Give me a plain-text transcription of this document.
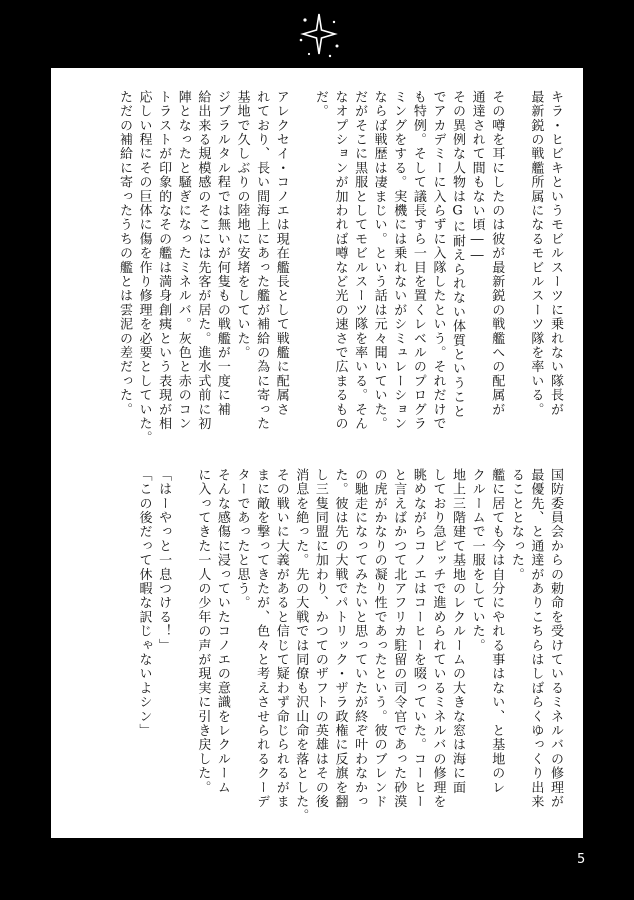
キラ・ヒビキというモビルスーツに乗れない隊長が
最新鋭の戦艦所属になるモビルスーツ隊を率いる。

その噂を耳にしたのは彼が最新鋭の戦艦への配属が
通達されて間もない頃――
その異例な人物はGに耐えられない体質ということ
でアカデミーに入らずに入隊したという。それだけで
も特例。そして議長すら一目を置くレベルのプログラ
ミングをする。実機には乗れないがシミュレーション
ならば戦歴は凄まじい。という話は元々聞いていた。
だがそこに黒服としてモビルスーツ隊を率いる。そん
なオプションが加われば噂など光の速さで広まるもの
だ。

アレクセイ・コノエは現在艦長として戦艦に配属さ
れており、長い間海上にあった艦が補給の為に寄った
基地で久しぶりの陸地に安堵をしていた。
ジブラルタル程では無いが何隻もの戦艦が一度に補
給出来る規模感のそこには先客が居た。進水式前に初
陣となったと騒ぎになったミネルバ。灰色と赤のコン
トラストが印象的なその艦は満身創痍という表現が相
応しい程にその巨体に傷を作り修理を必要としていた。
ただの補給に寄ったうちの艦とは雲泥の差だった。
国防委員会からの勅命を受けているミネルバの修理が
最優先、と通達がありこちらはしばらくゆっくり出来
ることとなった。
艦に居ても今は自分にやれる事はない、と基地のレ
クルームで一服をしていた。
地上三階建て基地のレクルームの大きな窓は海に面
しており急ピッチで進められているミネルバの修理を
眺めながらコノエはコーヒーを啜っていた。コーヒー
と言えばかつて北アフリカ駐留の司令官であった砂漠
の虎がかなりの凝り性であったという。彼のブレンド
の馳走になってみたいと思っていたが終ぞ叶わなかっ
た。彼は先の大戦でパトリック・ザラ政権に反旗を翻
し三隻同盟に加わり、かつてのザフトの英雄はその後
消息を絶った。先の大戦では同僚も沢山命を落とした。
その戦いに大義があると信じて疑わず命じられるがま
まに敵を撃ってきたが、色々と考えさせられるクーデ
ターであったと思う。
そんな感傷に浸っていたコノエの意識をレクルーム
に入ってきた一人の少年の声が現実に引き戻した。

「はーやっと一息つける！」
「この後だって休暇な訳じゃないよシン」
5
